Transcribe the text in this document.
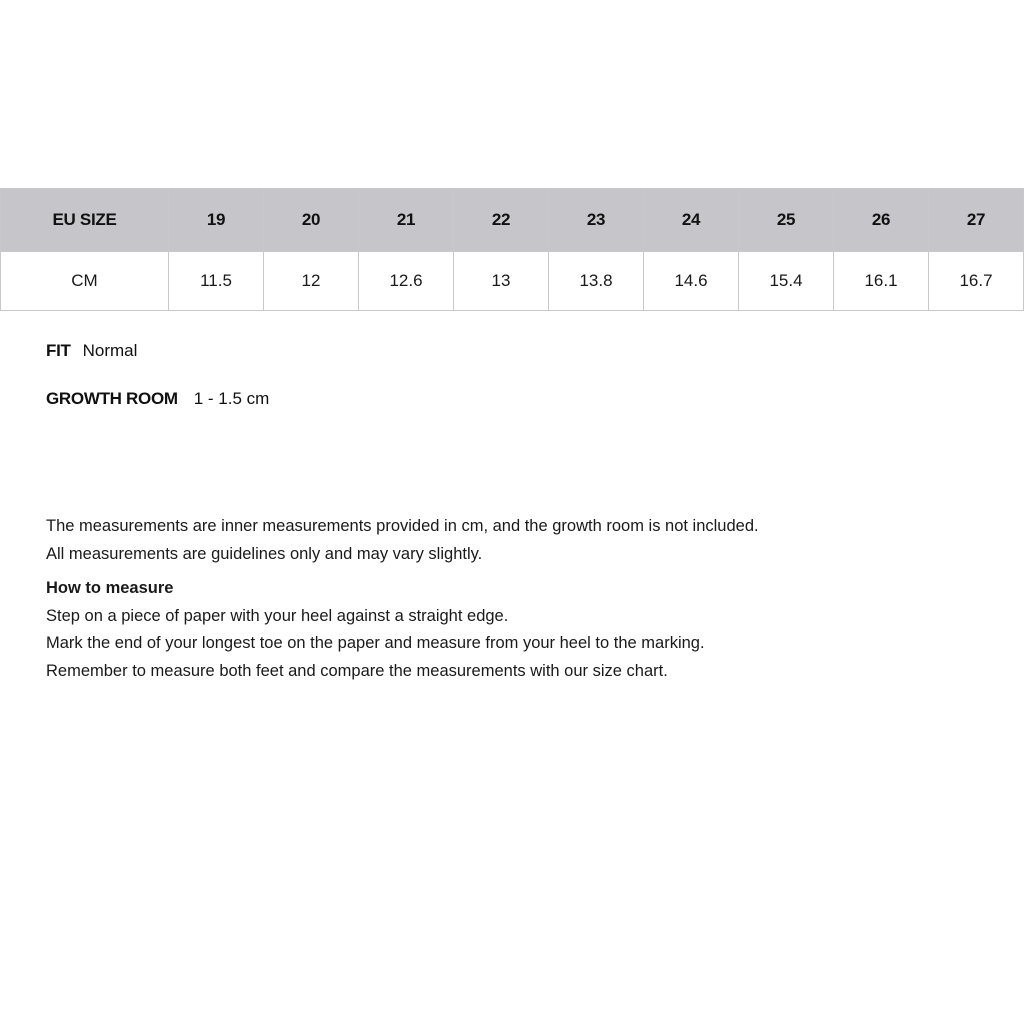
EU SIZE	19	20	21	22	23	24	25	26	27
CM	11.5	12	12.6	13	13.8	14.6	15.4	16.1	16.7
FIT Normal
GROWTH ROOM 1 - 1.5 cm

The measurements are inner measurements provided in cm, and the growth room is not included.

All measurements are guidelines only and may vary slightly.

How to measure

Step on a piece of paper with your heel against a straight edge.

Mark the end of your longest toe on the paper and measure from your heel to the marking.

Remember to measure both feet and compare the measurements with our size chart.
